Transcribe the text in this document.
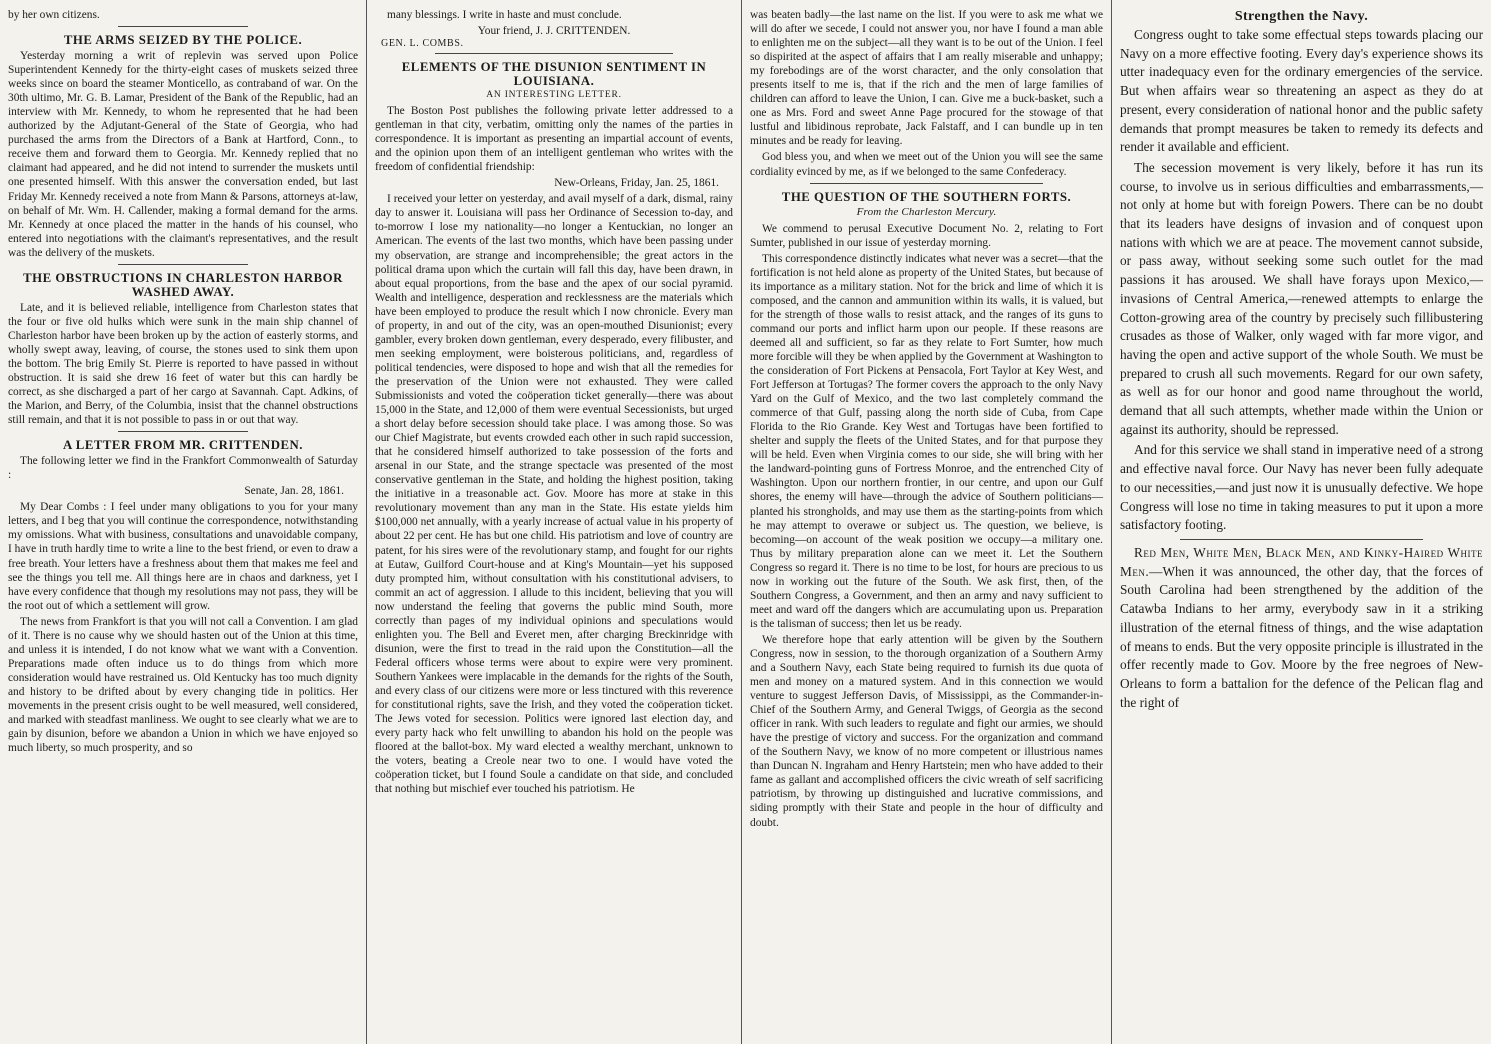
by her own citizens.

THE ARMS SEIZED BY THE POLICE.

Yesterday morning a writ of replevin was served upon Police Superintendent Kennedy for the thirty-eight cases of muskets seized three weeks since on board the steamer Monticello, as contraband of war. On the 30th ultimo, Mr. G. B. Lamar, President of the Bank of the Republic, had an interview with Mr. Kennedy, to whom he represented that he had been authorized by the Adjutant-General of the State of Georgia, who had purchased the arms from the Directors of a Bank at Hartford, Conn., to receive them and forward them to Georgia. Mr. Kennedy replied that no claimant had appeared, and he did not intend to surrender the muskets until one presented himself. With this answer the conversation ended, but last Friday Mr. Kennedy received a note from Mann & Parsons, attorneys at-law, on behalf of Mr. Wm. H. Callender, making a formal demand for the arms. Mr. Kennedy at once placed the matter in the hands of his counsel, who entered into negotiations with the claimant's representatives, and the result was the delivery of the muskets.

THE OBSTRUCTIONS IN CHARLESTON HARBOR WASHED AWAY.

Late, and it is believed reliable, intelligence from Charleston states that the four or five old hulks which were sunk in the main ship channel of Charleston harbor have been broken up by the action of easterly storms, and wholly swept away, leaving, of course, the stones used to sink them upon the bottom. The brig Emily St. Pierre is reported to have passed in without obstruction. It is said she drew 16 feet of water but this can hardly be correct, as she discharged a part of her cargo at Savannah. Capt. Adkins, of the Marion, and Berry, of the Columbia, insist that the channel obstructions still remain, and that it is not possible to pass in or out that way.

A LETTER FROM MR. CRITTENDEN.

The following letter we find in the Frankfort Commonwealth of Saturday :

Senate, Jan. 28, 1861.

My Dear Combs : I feel under many obligations to you for your many letters, and I beg that you will continue the correspondence, notwithstanding my omissions. What with business, consultations and unavoidable company, I have in truth hardly time to write a line to the best friend, or even to draw a free breath. Your letters have a freshness about them that makes me feel and see the things you tell me. All things here are in chaos and darkness, yet I have every confidence that though my resolutions may not pass, they will be the root out of which a settlement will grow.

The news from Frankfort is that you will not call a Convention. I am glad of it. There is no cause why we should hasten out of the Union at this time, and unless it is intended, I do not know what we want with a Convention. Preparations made often induce us to do things from which more consideration would have restrained us. Old Kentucky has too much dignity and history to be drifted about by every changing tide in politics. Her movements in the present crisis ought to be well measured, well considered, and marked with steadfast manliness. We ought to see clearly what we are to gain by disunion, before we abandon a Union in which we have enjoyed so much liberty, so much prosperity, and so

many blessings. I write in haste and must conclude.

Your friend, J. J. CRITTENDEN.
GEN. L. COMBS.
ELEMENTS OF THE DISUNION SENTIMENT IN LOUISIANA.
AN INTERESTING LETTER.

The Boston Post publishes the following private letter addressed to a gentleman in that city, verbatim, omitting only the names of the parties in correspondence. It is important as presenting an impartial account of events, and the opinion upon them of an intelligent gentleman who writes with the freedom of confidential friendship:

New-Orleans, Friday, Jan. 25, 1861.

I received your letter on yesterday, and avail myself of a dark, dismal, rainy day to answer it. Louisiana will pass her Ordinance of Secession to-day, and to-morrow I lose my nationality—no longer a Kentuckian, no longer an American. The events of the last two months, which have been passing under my observation, are strange and incomprehensible; the great actors in the political drama upon which the curtain will fall this day, have been drawn, in about equal proportions, from the base and the apex of our social pyramid. Wealth and intelligence, desperation and recklessness are the materials which have been employed to produce the result which I now chronicle. Every man of property, in and out of the city, was an open-mouthed Disunionist; every gambler, every broken down gentleman, every desperado, every filibuster, and men seeking employment, were boisterous politicians, and, regardless of political tendencies, were disposed to hope and wish that all the remedies for the preservation of the Union were not exhausted. They were called Submissionists and voted the coöperation ticket generally—there was about 15,000 in the State, and 12,000 of them were eventual Secessionists, but urged a short delay before secession should take place. I was among those. So was our Chief Magistrate, but events crowded each other in such rapid succession, that he considered himself authorized to take possession of the forts and arsenal in our State, and the strange spectacle was presented of the most conservative gentleman in the State, and holding the highest position, taking the initiative in a treasonable act. Gov. Moore has more at stake in this revolutionary movement than any man in the State. His estate yields him $100,000 net annually, with a yearly increase of actual value in his property of about 22 per cent. He has but one child. His patriotism and love of country are patent, for his sires were of the revolutionary stamp, and fought for our rights at Eutaw, Guilford Court-house and at King's Mountain—yet his supposed duty prompted him, without consultation with his constitutional advisers, to commit an act of aggression. I allude to this incident, believing that you will now understand the feeling that governs the public mind South, more correctly than pages of my individual opinions and speculations would enlighten you. The Bell and Everet men, after charging Breckinridge with disunion, were the first to tread in the raid upon the Constitution—all the Federal officers whose terms were about to expire were very prominent. Southern Yankees were implacable in the demands for the rights of the South, and every class of our citizens were more or less tinctured with this reverence for constitutional rights, save the Irish, and they voted the coöperation ticket. The Jews voted for secession. Politics were ignored last election day, and every party hack who felt unwilling to abandon his hold on the people was floored at the ballot-box. My ward elected a wealthy merchant, unknown to the voters, beating a Creole near two to one. I would have voted the coöperation ticket, but I found Soule a candidate on that side, and concluded that nothing but mischief ever touched his patriotism. He

was beaten badly—the last name on the list. If you were to ask me what we will do after we secede, I could not answer you, nor have I found a man able to enlighten me on the subject—all they want is to be out of the Union. I feel so dispirited at the aspect of affairs that I am really miserable and unhappy; my forebodings are of the worst character, and the only consolation that presents itself to me is, that if the rich and the men of large families of children can afford to leave the Union, I can. Give me a buck-basket, such a one as Mrs. Ford and sweet Anne Page procured for the stowage of that lustful and libidinous reprobate, Jack Falstaff, and I can bundle up in ten minutes and be ready for leaving.

God bless you, and when we meet out of the Union you will see the same cordiality evinced by me, as if we belonged to the same Confederacy.

THE QUESTION OF THE SOUTHERN FORTS.
From the Charleston Mercury.

We commend to perusal Executive Document No. 2, relating to Fort Sumter, published in our issue of yesterday morning.

This correspondence distinctly indicates what never was a secret—that the fortification is not held alone as property of the United States, but because of its importance as a military station. Not for the brick and lime of which it is composed, and the cannon and ammunition within its walls, it is valued, but for the strength of those walls to resist attack, and the ranges of its guns to command our ports and inflict harm upon our people. If these reasons are deemed all and sufficient, so far as they relate to Fort Sumter, how much more forcible will they be when applied by the Government at Washington to the consideration of Fort Pickens at Pensacola, Fort Taylor at Key West, and Fort Jefferson at Tortugas? The former covers the approach to the only Navy Yard on the Gulf of Mexico, and the two last completely command the commerce of that Gulf, passing along the north side of Cuba, from Cape Florida to the Rio Grande. Key West and Tortugas have been fortified to shelter and supply the fleets of the United States, and for that purpose they will be held. Even when Virginia comes to our side, she will bring with her the landward-pointing guns of Fortress Monroe, and the entrenched City of Washington. Upon our northern frontier, in our centre, and upon our Gulf shores, the enemy will have—through the advice of Southern politicians—planted his strongholds, and may use them as the starting-points from which he may attempt to overawe or subject us. The question, we believe, is becoming—on account of the weak position we occupy—a military one. Thus by military preparation alone can we meet it. Let the Southern Congress so regard it. There is no time to be lost, for hours are precious to us now in working out the future of the South. We ask first, then, of the Southern Congress, a Government, and then an army and navy sufficient to meet and ward off the dangers which are accumulating upon us. Preparation is the talisman of success; then let us be ready.

We therefore hope that early attention will be given by the Southern Congress, now in session, to the thorough organization of a Southern Army and a Southern Navy, each State being required to furnish its due quota of men and money on a matured system. And in this connection we would venture to suggest Jefferson Davis, of Mississippi, as the Commander-in-Chief of the Southern Army, and General Twiggs, of Georgia as the second officer in rank. With such leaders to regulate and fight our armies, we should have the prestige of victory and success. For the organization and command of the Southern Navy, we know of no more competent or illustrious names than Duncan N. Ingraham and Henry Hartstein; men who have added to their fame as gallant and accomplished officers the civic wreath of self sacrificing patriotism, by throwing up distinguished and lucrative commissions, and siding promptly with their State and people in the hour of difficulty and doubt.

Strengthen the Navy.

Congress ought to take some effectual steps towards placing our Navy on a more effective footing. Every day's experience shows its utter inadequacy even for the ordinary emergencies of the service. But when affairs wear so threatening an aspect as they do at present, every consideration of national honor and the public safety demands that prompt measures be taken to remedy its defects and render it available and efficient.

The secession movement is very likely, before it has run its course, to involve us in serious difficulties and embarrassments,—not only at home but with foreign Powers. There can be no doubt that its leaders have designs of invasion and of conquest upon nations with which we are at peace. The movement cannot subside, or pass away, without seeking some such outlet for the mad passions it has aroused. We shall have forays upon Mexico,—invasions of Central America,—renewed attempts to enlarge the Cotton-growing area of the country by precisely such fillibustering crusades as those of Walker, only waged with far more vigor, and having the open and active support of the whole South. We must be prepared to crush all such movements. Regard for our own safety, as well as for our honor and good name throughout the world, demand that all such attempts, whether made within the Union or against its authority, should be repressed.

And for this service we shall stand in imperative need of a strong and effective naval force. Our Navy has never been fully adequate to our necessities,—and just now it is unusually defective. We hope Congress will lose no time in taking measures to put it upon a more satisfactory footing.

Red Men, White Men, Black Men, and Kinky-Haired White Men.—When it was announced, the other day, that the forces of South Carolina had been strengthened by the addition of the Catawba Indians to her army, everybody saw in it a striking illustration of the eternal fitness of things, and the wise adaptation of means to ends. But the very opposite principle is illustrated in the offer recently made to Gov. Moore by the free negroes of New-Orleans to form a battalion for the defence of the Pelican flag and the right of
